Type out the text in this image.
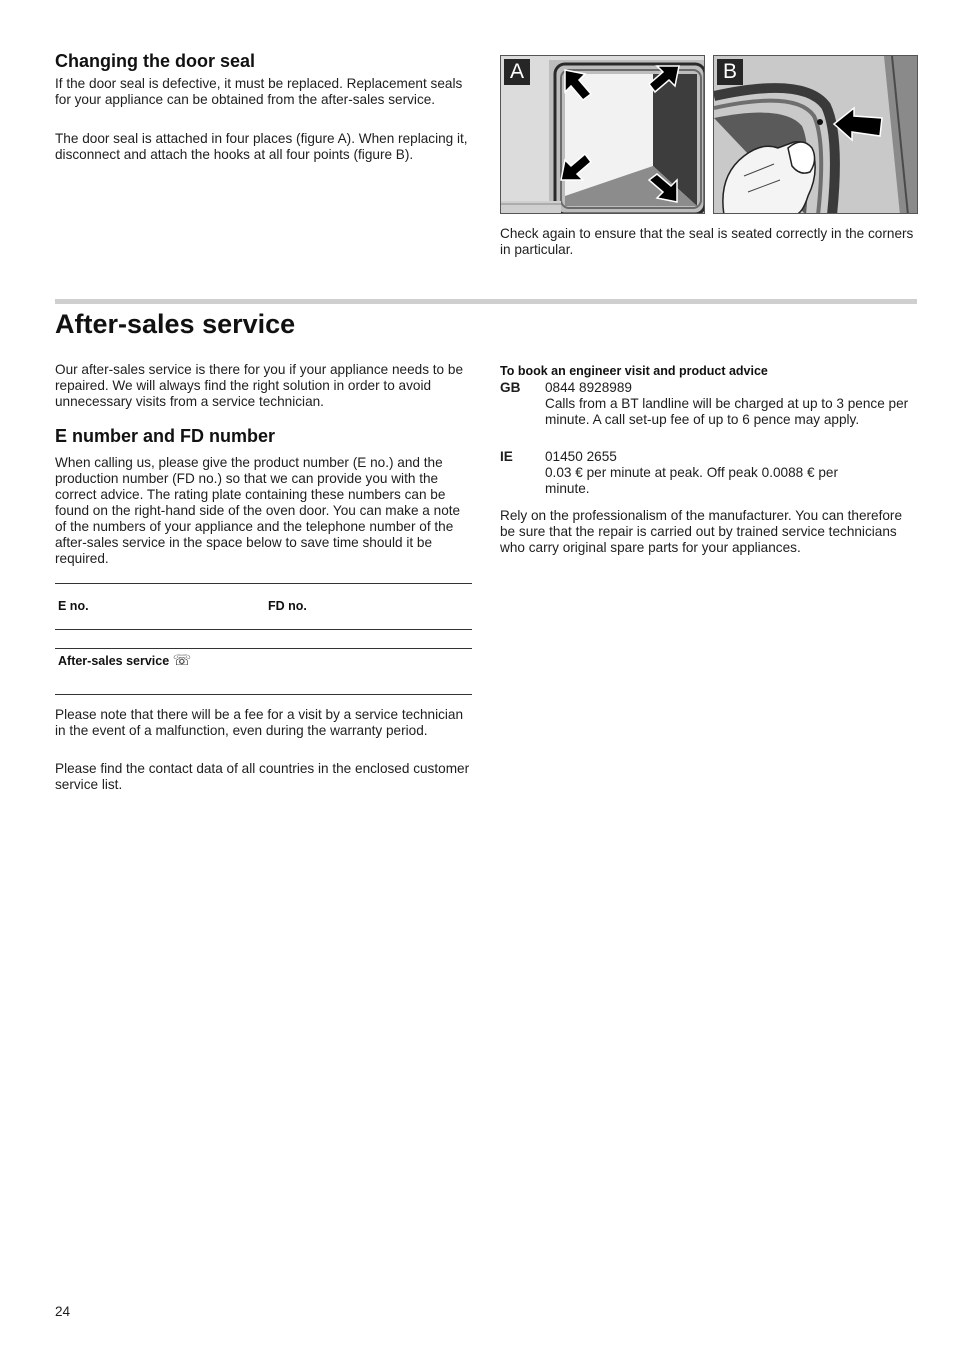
Changing the door seal

If the door seal is defective, it must be replaced. Replacement seals for your appliance can be obtained from the after-sales service.

The door seal is attached in four places (figure A). When replacing it, disconnect and attach the hooks at all four points (figure B).

A	B

Check again to ensure that the seal is seated correctly in the corners in particular.

After-sales service

Our after-sales service is there for you if your appliance needs to be repaired. We will always find the right solution in order to avoid unnecessary visits from a service technician.

E number and FD number

When calling us, please give the product number (E no.) and the production number (FD no.) so that we can provide you with the correct advice. The rating plate containing these numbers can be found on the right-hand side of the oven door. You can make a note of the numbers of your appliance and the telephone number of the after-sales service in the space below to save time should it be required.

E no.	FD no.
After-sales service ☏

Please note that there will be a fee for a visit by a service technician in the event of a malfunction, even during the warranty period.

Please find the contact data of all countries in the enclosed customer service list.

To book an engineer visit and product advice
GB	0844 8928989
Calls from a BT landline will be charged at up to 3 pence per minute. A call set-up fee of up to 6 pence may apply.
IE	01450 2655
0.03 € per minute at peak. Off peak 0.0088 € per minute.

Rely on the professionalism of the manufacturer. You can therefore be sure that the repair is carried out by trained service technicians who carry original spare parts for your appliances.

24
